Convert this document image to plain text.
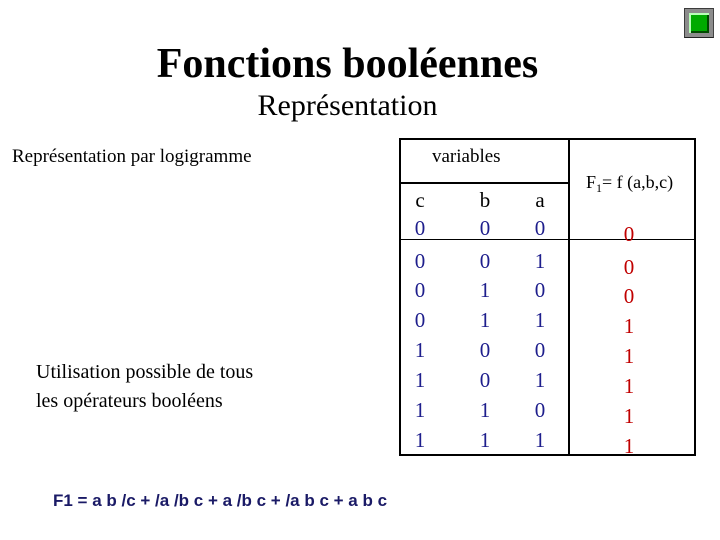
Fonctions booléennes
Représentation
Représentation par logigramme
Utilisation possible de tous
les opérateurs booléens
variables
$F_1= f$ (a,b,c)
c	b	a
0	0	0	0
0	0	1	0
0	1	0	0
0	1	1	1
1	0	0	1
1	0	1	1
1	1	0	1
1	1	1	1
F1 = a b /c + /a /b c + a /b c + /a b c + a b c
